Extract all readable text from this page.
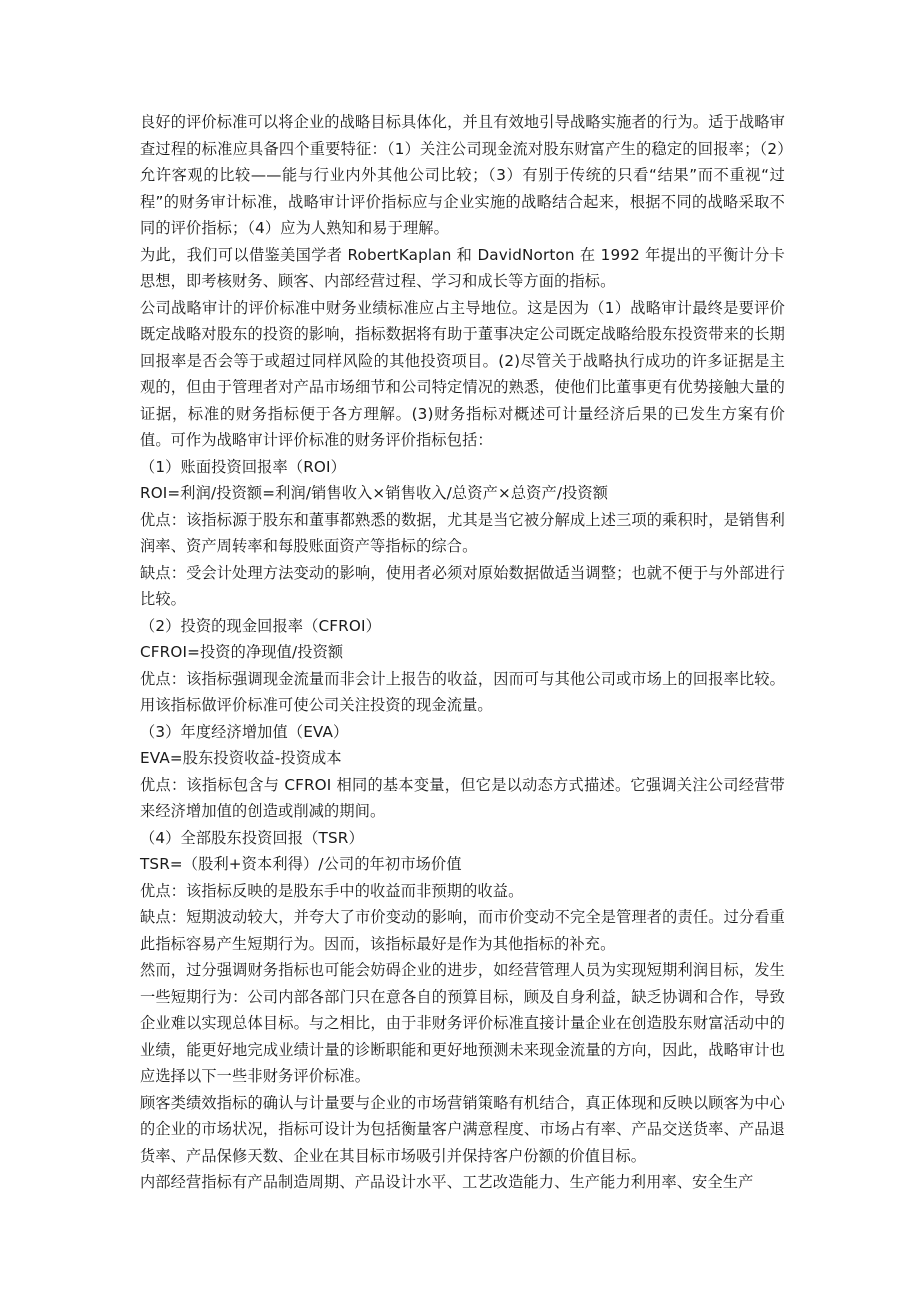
良好的评价标准可以将企业的战略目标具体化，并且有效地引导战略实施者的行为。适于战略审查过程的标准应具备四个重要特征：（1）关注公司现金流对股东财富产生的稳定的回报率；（2）允许客观的比较——能与行业内外其他公司比较；（3）有别于传统的只看“结果”而不重视“过程”的财务审计标准，战略审计评价指标应与企业实施的战略结合起来，根据不同的战略采取不同的评价指标；（4）应为人熟知和易于理解。

为此，我们可以借鉴美国学者 RobertKaplan 和 DavidNorton 在 1992 年提出的平衡计分卡思想，即考核财务、顾客、内部经营过程、学习和成长等方面的指标。

公司战略审计的评价标准中财务业绩标准应占主导地位。这是因为（1）战略审计最终是要评价既定战略对股东的投资的影响，指标数据将有助于董事决定公司既定战略给股东投资带来的长期回报率是否会等于或超过同样风险的其他投资项目。(2)尽管关于战略执行成功的许多证据是主观的，但由于管理者对产品市场细节和公司特定情况的熟悉，使他们比董事更有优势接触大量的证据，标准的财务指标便于各方理解。(3)财务指标对概述可计量经济后果的已发生方案有价值。可作为战略审计评价标准的财务评价指标包括：

（1）账面投资回报率（ROI）

ROI=利润/投资额=利润/销售收入×销售收入/总资产×总资产/投资额

优点：该指标源于股东和董事都熟悉的数据，尤其是当它被分解成上述三项的乘积时，是销售利润率、资产周转率和每股账面资产等指标的综合。

缺点：受会计处理方法变动的影响，使用者必须对原始数据做适当调整；也就不便于与外部进行比较。

（2）投资的现金回报率（CFROI）

CFROI=投资的净现值/投资额

优点：该指标强调现金流量而非会计上报告的收益，因而可与其他公司或市场上的回报率比较。用该指标做评价标准可使公司关注投资的现金流量。

（3）年度经济增加值（EVA）

EVA=股东投资收益-投资成本

优点：该指标包含与 CFROI 相同的基本变量，但它是以动态方式描述。它强调关注公司经营带来经济增加值的创造或削减的期间。

（4）全部股东投资回报（TSR）

TSR=（股利+资本利得）/公司的年初市场价值

优点：该指标反映的是股东手中的收益而非预期的收益。

缺点：短期波动较大，并夸大了市价变动的影响，而市价变动不完全是管理者的责任。过分看重此指标容易产生短期行为。因而，该指标最好是作为其他指标的补充。

然而，过分强调财务指标也可能会妨碍企业的进步，如经营管理人员为实现短期利润目标，发生一些短期行为：公司内部各部门只在意各自的预算目标，顾及自身利益，缺乏协调和合作，导致企业难以实现总体目标。与之相比，由于非财务评价标准直接计量企业在创造股东财富活动中的业绩，能更好地完成业绩计量的诊断职能和更好地预测未来现金流量的方向，因此，战略审计也应选择以下一些非财务评价标准。

顾客类绩效指标的确认与计量要与企业的市场营销策略有机结合，真正体现和反映以顾客为中心的企业的市场状况，指标可设计为包括衡量客户满意程度、市场占有率、产品交送货率、产品退货率、产品保修天数、企业在其目标市场吸引并保持客户份额的价值目标。

内部经营指标有产品制造周期、产品设计水平、工艺改造能力、生产能力利用率、安全生产
